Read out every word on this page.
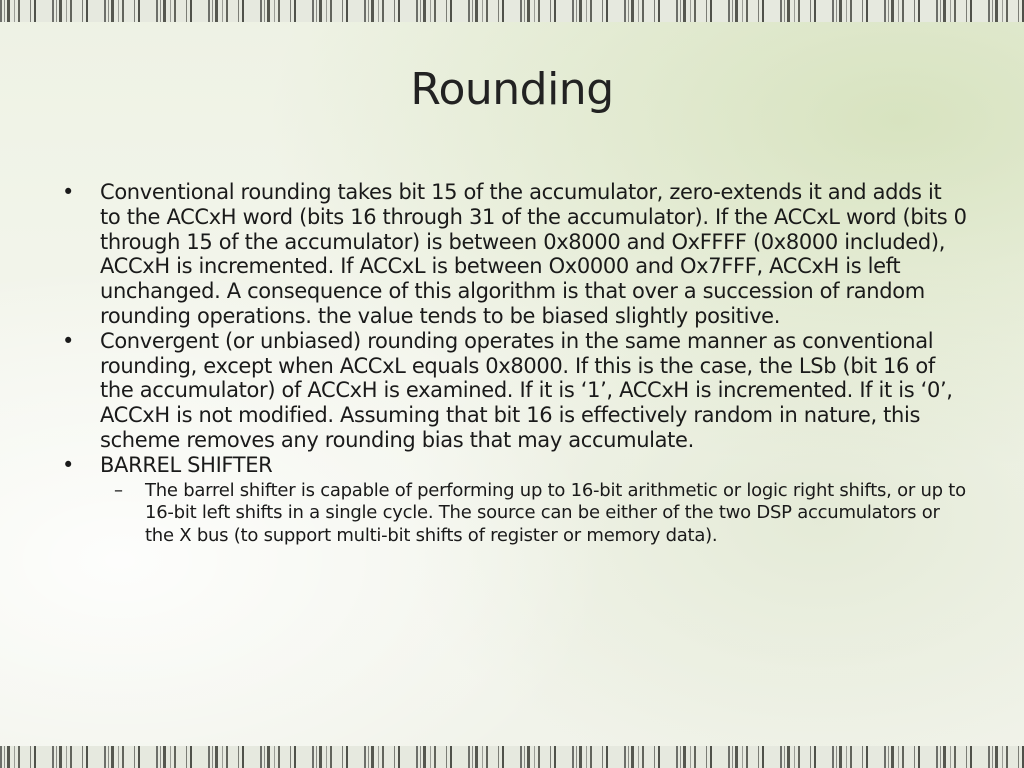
Rounding
•	Conventional rounding takes bit 15 of the accumulator, zero-extends it and adds it to the ACCxH word (bits 16 through 31 of the accumulator). If the ACCxL word (bits 0 through 15 of the accumulator) is between 0x8000 and OxFFFF (0x8000 included), ACCxH is incremented. If ACCxL is between Ox0000 and Ox7FFF, ACCxH is left unchanged. A consequence of this algorithm is that over a succession of random rounding operations. the value tends to be biased slightly positive.
•	Convergent (or unbiased) rounding operates in the same manner as conventional rounding, except when ACCxL equals 0x8000. If this is the case, the LSb (bit 16 of the accumulator) of ACCxH is examined. If it is ‘1’, ACCxH is incremented. If it is ‘0’, ACCxH is not modified. Assuming that bit 16 is effectively random in nature, this scheme removes any rounding bias that may accumulate.
•	BARREL SHIFTER
– The barrel shifter is capable of performing up to 16-bit arithmetic or logic right shifts, or up to 16-bit left shifts in a single cycle. The source can be either of the two DSP accumulators or the X bus (to support multi-bit shifts of register or memory data).
